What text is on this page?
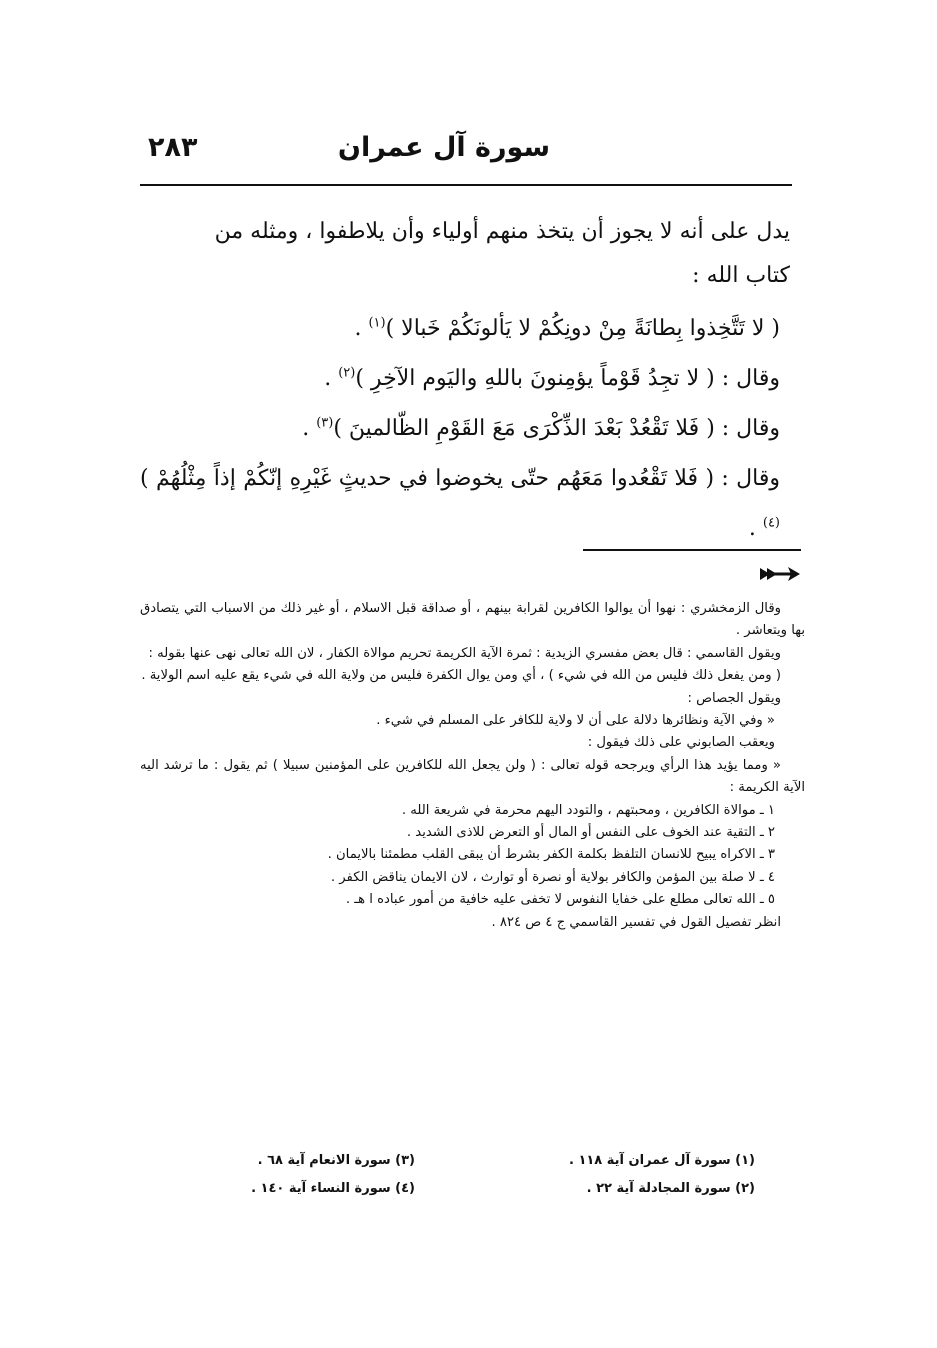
سورة آل عمران
٢٨٣

يدل على أنه لا يجوز أن يتخذ منهم أولياء وأن يلاطفوا ، ومثله من

كتاب الله :

( لا تَتَّخِذوا بِطانَةً مِنْ دونِكُمْ لا يَألونَكُمْ خَبالا )$^{(١)}$ .

وقال : ( لا تجِدُ قَوْماً يؤمِنونَ باللهِ واليَوم الآخِرِ )$^{(٢)}$ .

وقال : ( فَلا تَقْعُدْ بَعْدَ الذِّكْرَى مَعَ القَوْمِ الظّالمينَ )$^{(٣)}$ .

وقال : ( فَلا تَقْعُدوا مَعَهُم حتّى يخوضوا في حديثٍ غَيْرِهِ إنّكُمْ إذاً مِثْلُهُمْ )$^{(٤)}$ .

وقال الزمخشري : نهوا أن يوالوا الكافرين لقرابة بينهم ، أو صداقة قبل الاسلام ، أو غير ذلك من الاسباب التي يتصادق بها ويتعاشر .

ويقول القاسمي : قال بعض مفسري الزيدية : ثمرة الآية الكريمة تحريم موالاة الكفار ، لان الله تعالى نهى عنها بقوله :

( ومن يفعل ذلك فليس من الله في شيء ) ، أي ومن يوال الكفرة فليس من ولاية الله في شيء يقع عليه اسم الولاية .

ويقول الجصاص :

« وفي الآية ونظائرها دلالة على أن لا ولاية للكافر على المسلم في شيء .

ويعقب الصابوني على ذلك فيقول :

« ومما يؤيد هذا الرأي ويرجحه قوله تعالى : ( ولن يجعل الله للكافرين على المؤمنين سبيلا ) ثم يقول : ما ترشد اليه الآية الكريمة :

١ ـ موالاة الكافرين ، ومحبتهم ، والتودد اليهم محرمة في شريعة الله .

٢ ـ التقية عند الخوف على النفس أو المال أو التعرض للاذى الشديد .

٣ ـ الاكراه يبيح للانسان التلفظ بكلمة الكفر بشرط أن يبقى القلب مطمئنا بالايمان .

٤ ـ لا صلة بين المؤمن والكافر بولاية أو نصرة أو توارث ، لان الايمان يناقض الكفر .

٥ ـ الله تعالى مطلع على خفايا النفوس لا تخفى عليه خافية من أمور عباده ا هـ .

انظر تفصيل القول في تفسير القاسمي ج ٤ ص ٨٢٤ .

(١) سورة آل عمران آية ١١٨ .
(٢) سورة المجادلة آية ٢٢ .
(٣) سورة الانعام آية ٦٨ .
(٤) سورة النساء آية ١٤٠ .
